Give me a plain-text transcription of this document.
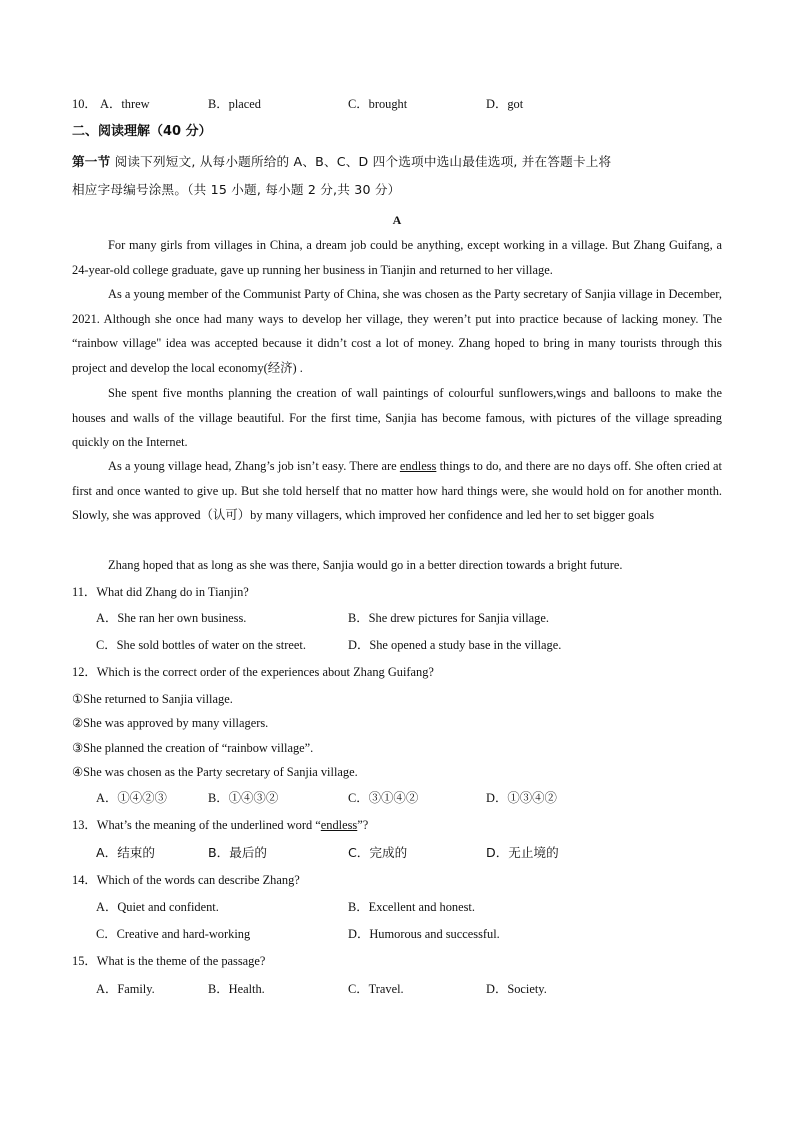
10． A．threw	B．placed	C．brought	D．got
二、阅读理解（40 分）
第一节 阅读下列短文, 从每小题所给的 A、B、C、D 四个选项中选山最佳选项, 并在答题卡上将
相应字母编号涂黑。（共 15 小题, 每小题 2 分,共 30 分）
A
For many girls from villages in China, a dream job could be anything, except working in a village. But Zhang Guifang, a 24-year-old college graduate, gave up running her business in Tianjin and returned to her village.
As a young member of the Communist Party of China, she was chosen as the Party secretary of Sanjia village in December, 2021. Although she once had many ways to develop her village, they weren’t put into practice because of lacking money. The “rainbow village" idea was accepted because it didn’t cost a lot of money. Zhang hoped to bring in many tourists through this project and develop the local economy(经济) .
She spent five months planning the creation of wall paintings of colourful sunflowers,wings and balloons to make the houses and walls of the village beautiful. For the first time, Sanjia has become famous, with pictures of the village spreading quickly on the Internet.
As a young village head, Zhang’s job isn’t easy. There are endless things to do, and there are no days off. She often cried at first and once wanted to give up. But she told herself that no matter how hard things were, she would hold on for another month. Slowly, she was approved（认可）by many villagers, which improved her confidence and led her to set bigger goals
Zhang hoped that as long as she was there, Sanjia would go in a better direction towards a bright future.
11．What did Zhang do in Tianjin?
A．She ran her own business.	B．She drew pictures for Sanjia village.
C．She sold bottles of water on the street.	D．She opened a study base in the village.
12．Which is the correct order of the experiences about Zhang Guifang?
①She returned to Sanjia village.
②She was approved by many villagers.
③She planned the creation of “rainbow village”.
④She was chosen as the Party secretary of Sanjia village.
A．①④②③	B．①④③②	C．③①④②	D．①③④②
13．What’s the meaning of the underlined word “endless”?
A．结束的	B．最后的	C．完成的	D．无止境的
14．Which of the words can describe Zhang?
A．Quiet and confident.	B．Excellent and honest.
C．Creative and hard-working	D．Humorous and successful.
15．What is the theme of the passage?
A．Family.	B．Health.	C．Travel.	D．Society.
